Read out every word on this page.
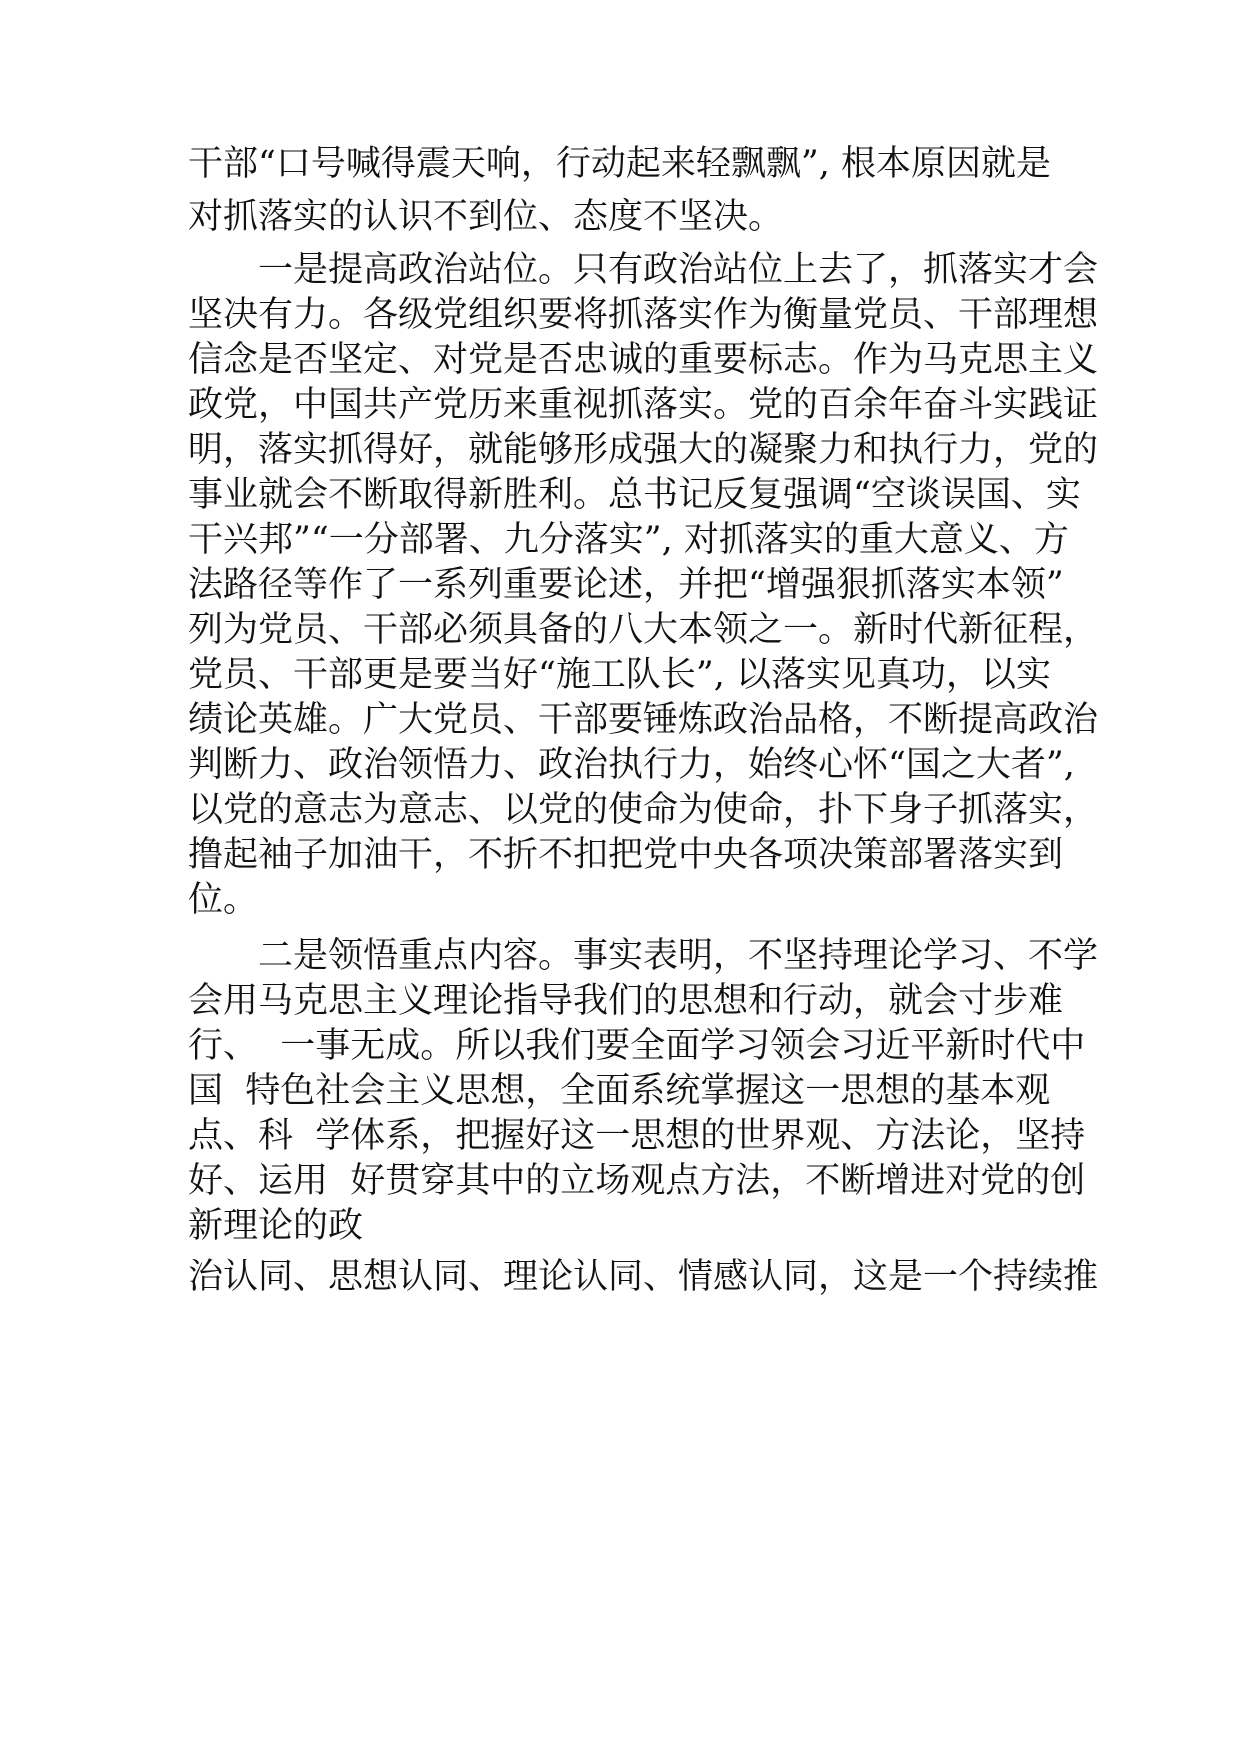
干部“口号喊得震天响，行动起来轻飘飘”, 根本原因就是
对抓落实的认识不到位、态度不坚决。
一是提高政治站位。只有政治站位上去了，抓落实才会
坚决有力。各级党组织要将抓落实作为衡量党员、干部理想
信念是否坚定、对党是否忠诚的重要标志。作为马克思主义
政党，中国共产党历来重视抓落实。党的百余年奋斗实践证
明，落实抓得好，就能够形成强大的凝聚力和执行力，党的
事业就会不断取得新胜利。总书记反复强调“空谈误国、实
干兴邦”“一分部署、九分落实”, 对抓落实的重大意义、方
法路径等作了一系列重要论述，并把“增强狠抓落实本领”
列为党员、干部必须具备的八大本领之一。新时代新征程，
党员、干部更是要当好“施工队长”, 以落实见真功，以实
绩论英雄。广大党员、干部要锤炼政治品格，不断提高政治
判断力、政治领悟力、政治执行力，始终心怀“国之大者”,
以党的意志为意志、以党的使命为使命，扑下身子抓落实，
撸起袖子加油干，不折不扣把党中央各项决策部署落实到
位。
二是领悟重点内容。事实表明，不坚持理论学习、不学
会用马克思主义理论指导我们的思想和行动，就会寸步难
行、  一事无成。所以我们要全面学习领会习近平新时代中
国  特色社会主义思想，全面系统掌握这一思想的基本观
点、科  学体系，把握好这一思想的世界观、方法论，坚持
好、运用  好贯穿其中的立场观点方法，不断增进对党的创
新理论的政
治认同、思想认同、理论认同、情感认同，这是一个持续推
